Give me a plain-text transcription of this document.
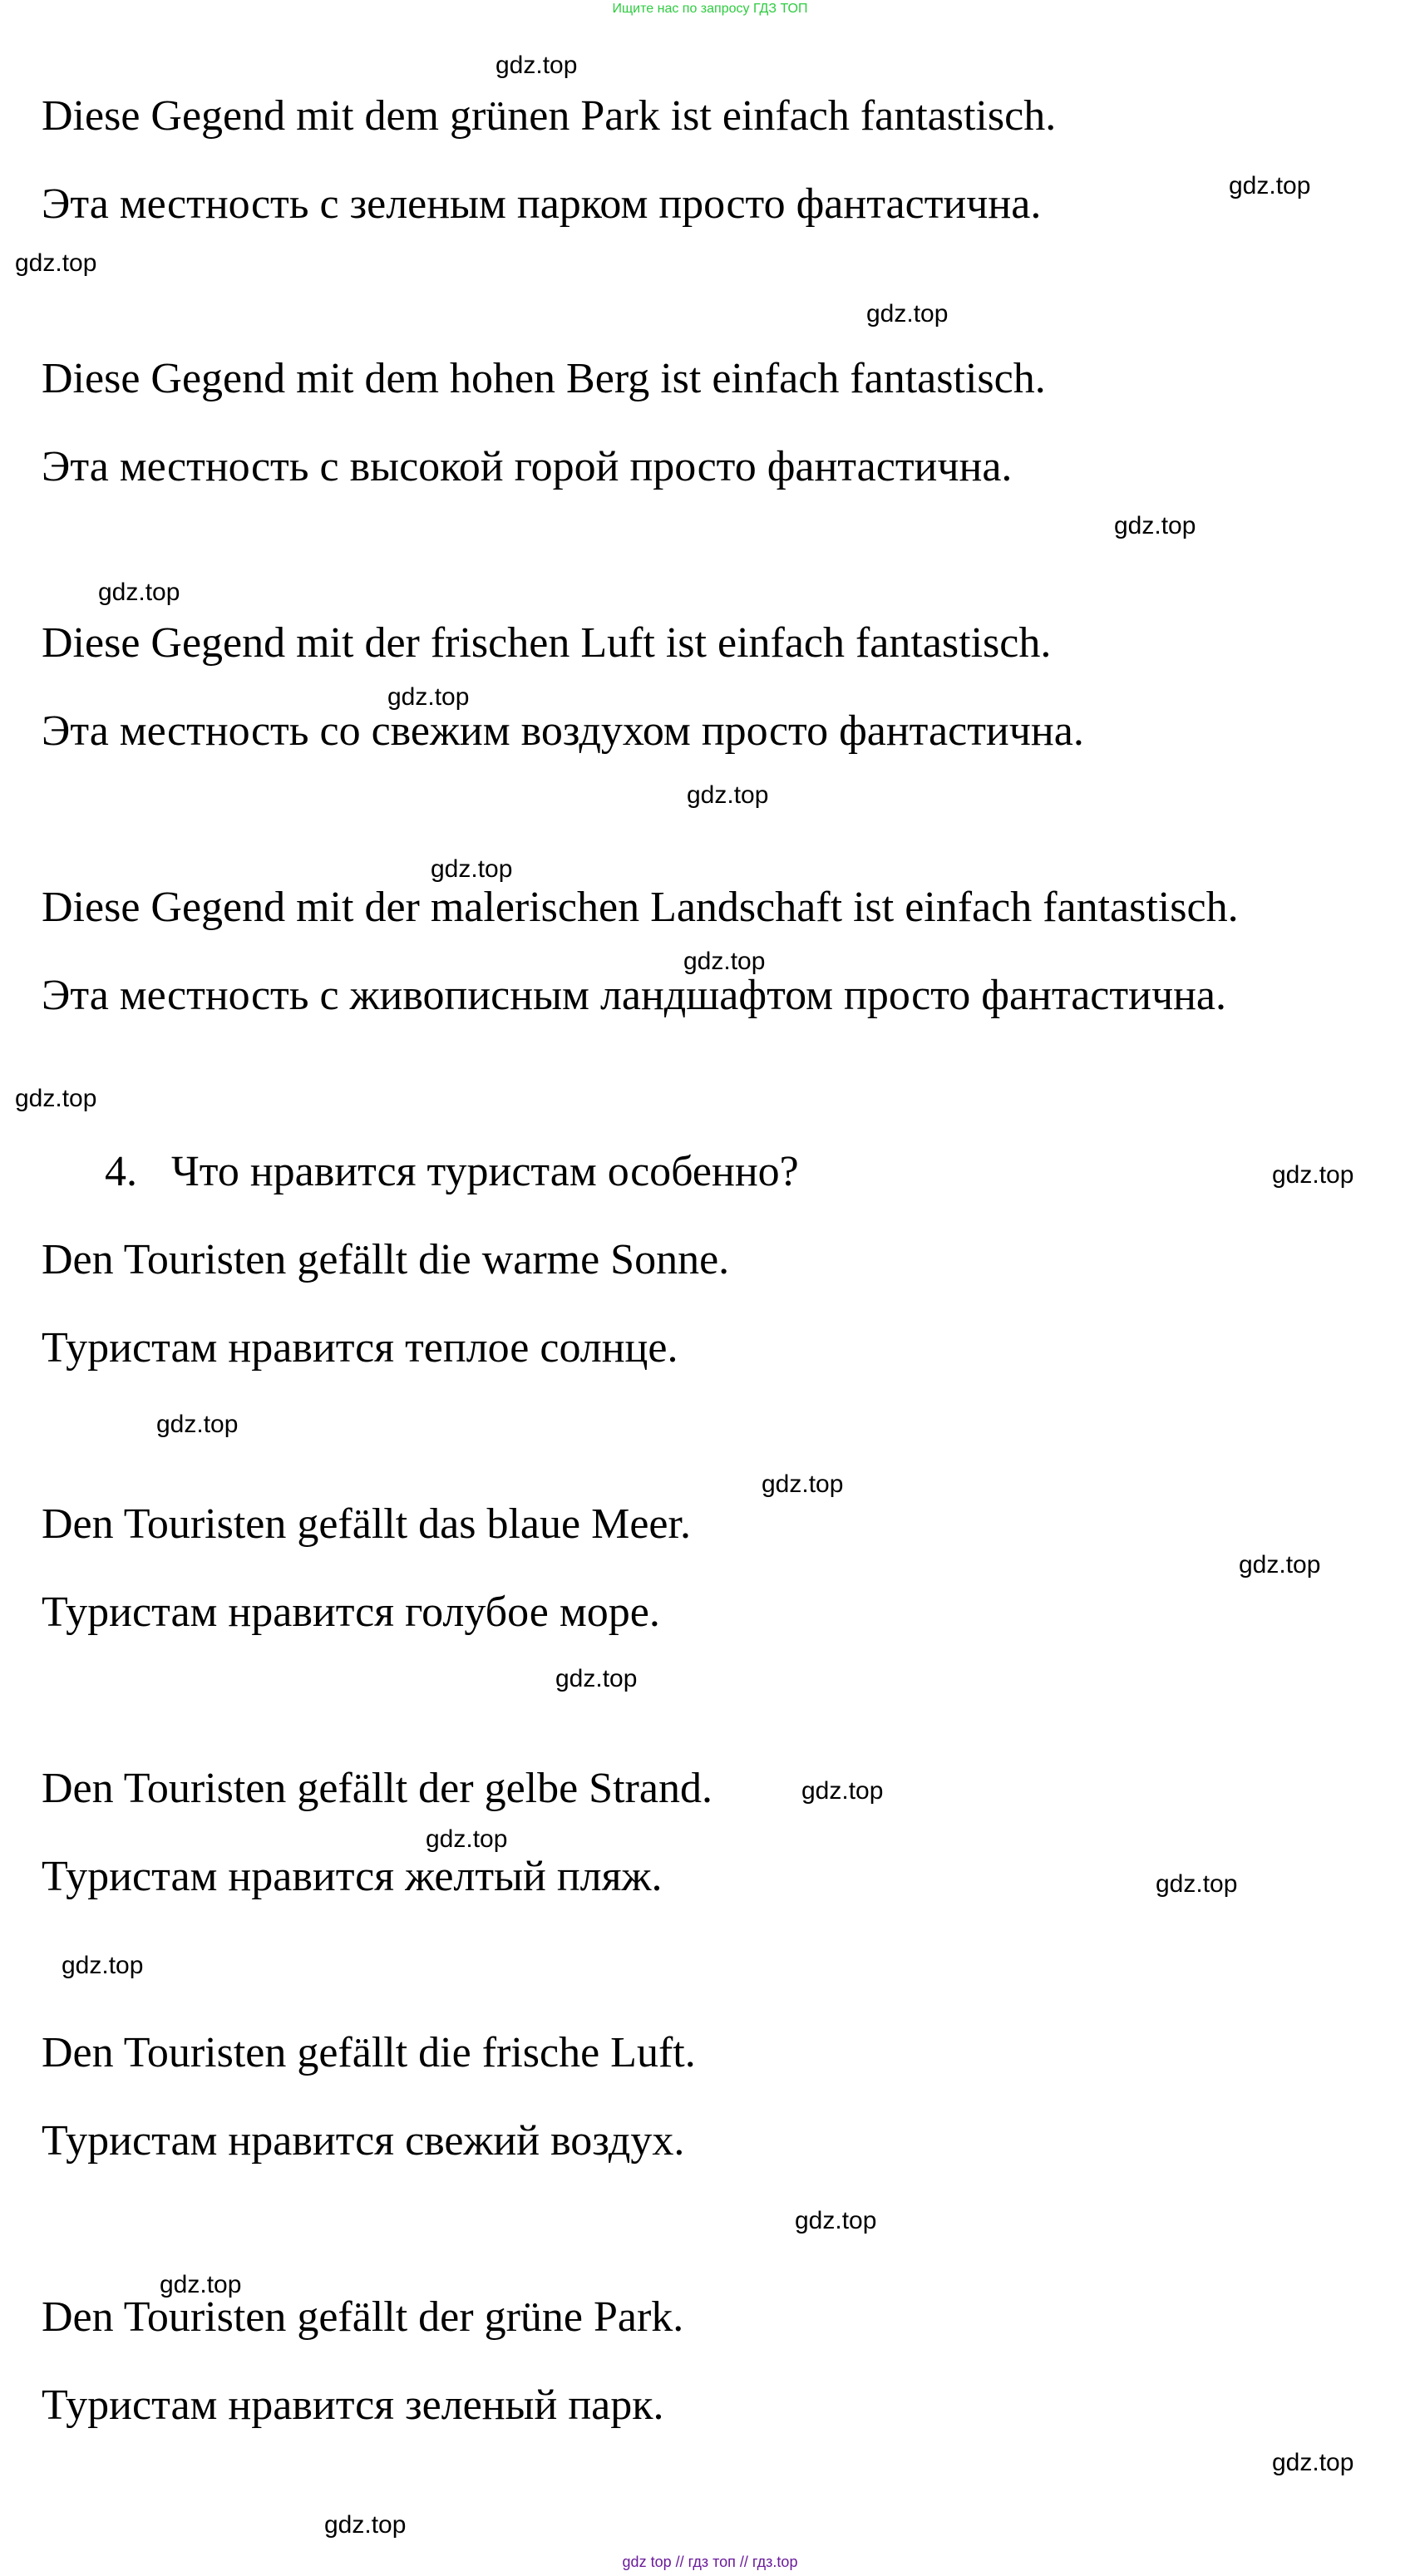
Ищите нас по запросу ГДЗ ТОП
gdz.top
gdz.top
gdz.top
gdz.top
gdz.top
gdz.top
gdz.top
gdz.top
gdz.top
gdz.top
gdz.top
gdz.top
gdz.top
gdz.top
gdz.top
gdz.top
gdz.top
gdz.top
gdz.top
gdz.top
gdz.top
gdz.top
gdz.top
gdz.top
Diese Gegend mit dem grünen Park ist einfach fantastisch.
Эта местность с зеленым парком просто фантастична.
Diese Gegend mit dem hohen Berg ist einfach fantastisch.
Эта местность с высокой горой просто фантастична.
Diese Gegend mit der frischen Luft ist einfach fantastisch.
Эта местность со свежим воздухом просто фантастична.
Diese Gegend mit der malerischen Landschaft ist einfach fantastisch.
Эта местность с живописным ландшафтом просто фантастична.
4. Что нравится туристам особенно?
Den Touristen gefällt die warme Sonne.
Туристам нравится теплое солнце.
Den Touristen gefällt das blaue Meer.
Туристам нравится голубое море.
Den Touristen gefällt der gelbe Strand.
Туристам нравится желтый пляж.
Den Touristen gefällt die frische Luft.
Туристам нравится свежий воздух.
Den Touristen gefällt der grüne Park.
Туристам нравится зеленый парк.
gdz top // гдз топ // гдз.top
